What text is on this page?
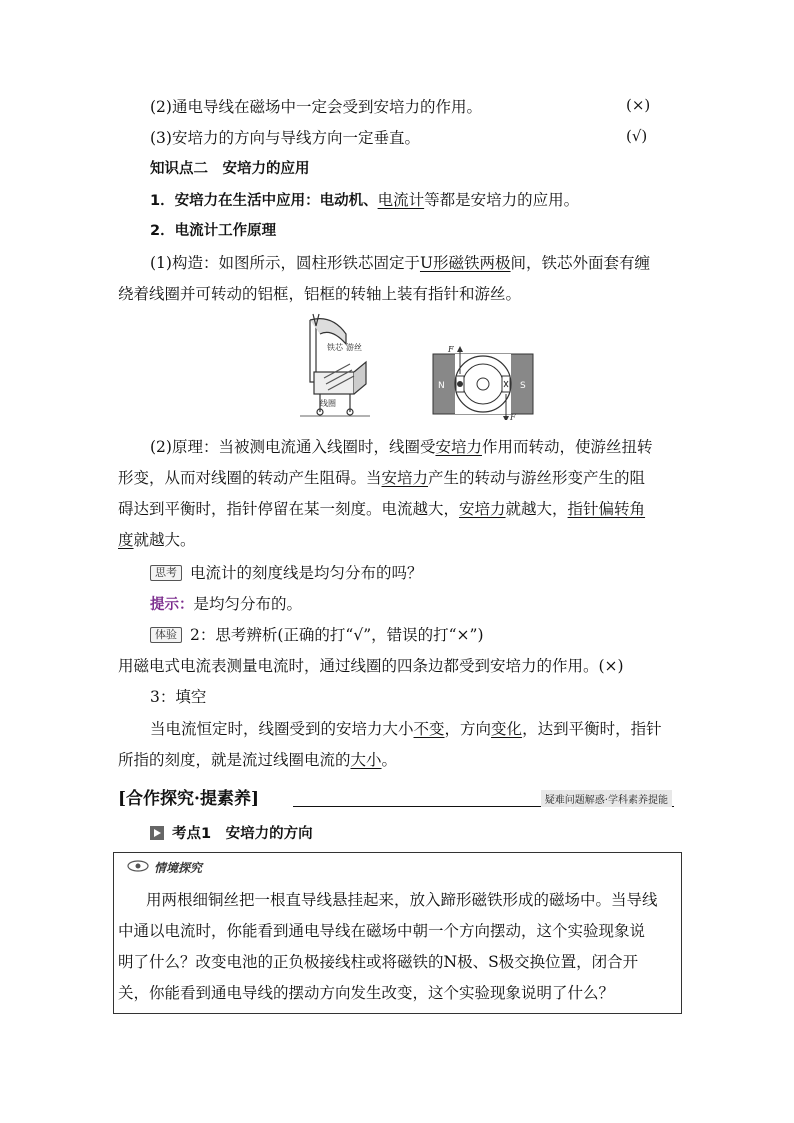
(2)通电导线在磁场中一定会受到安培力的作用。	(×)
(3)安培力的方向与导线方向一定垂直。	(√)
知识点二　安培力的应用
1．安培力在生活中应用：电动机、电流计等都是安培力的应用。
2．电流计工作原理
(1)构造：如图所示，圆柱形铁芯固定于U形磁铁两极间，铁芯外面套有缠
绕着线圈并可转动的铝框，铝框的转轴上装有指针和游丝。
铁芯 游丝
线圈
N	S
F
F
(2)原理：当被测电流通入线圈时，线圈受安培力作用而转动，使游丝扭转
形变，从而对线圈的转动产生阻碍。当安培力产生的转动与游丝形变产生的阻
碍达到平衡时，指针停留在某一刻度。电流越大，安培力就越大，指针偏转角
度就越大。
思考 电流计的刻度线是均匀分布的吗？
提示：是均匀分布的。
体验 2：思考辨析(正确的打“√”，错误的打“×”)
用磁电式电流表测量电流时，通过线圈的四条边都受到安培力的作用。(×)
3：填空
当电流恒定时，线圈受到的安培力大小不变，方向变化，达到平衡时，指针
所指的刻度，就是流过线圈电流的大小。
[合作探究·提素养]	疑难问题解惑·学科素养提能
考点1　安培力的方向
情境探究
用两根细铜丝把一根直导线悬挂起来，放入蹄形磁铁形成的磁场中。当导线
中通以电流时，你能看到通电导线在磁场中朝一个方向摆动，这个实验现象说
明了什么？改变电池的正负极接线柱或将磁铁的N极、S极交换位置，闭合开
关，你能看到通电导线的摆动方向发生改变，这个实验现象说明了什么？
